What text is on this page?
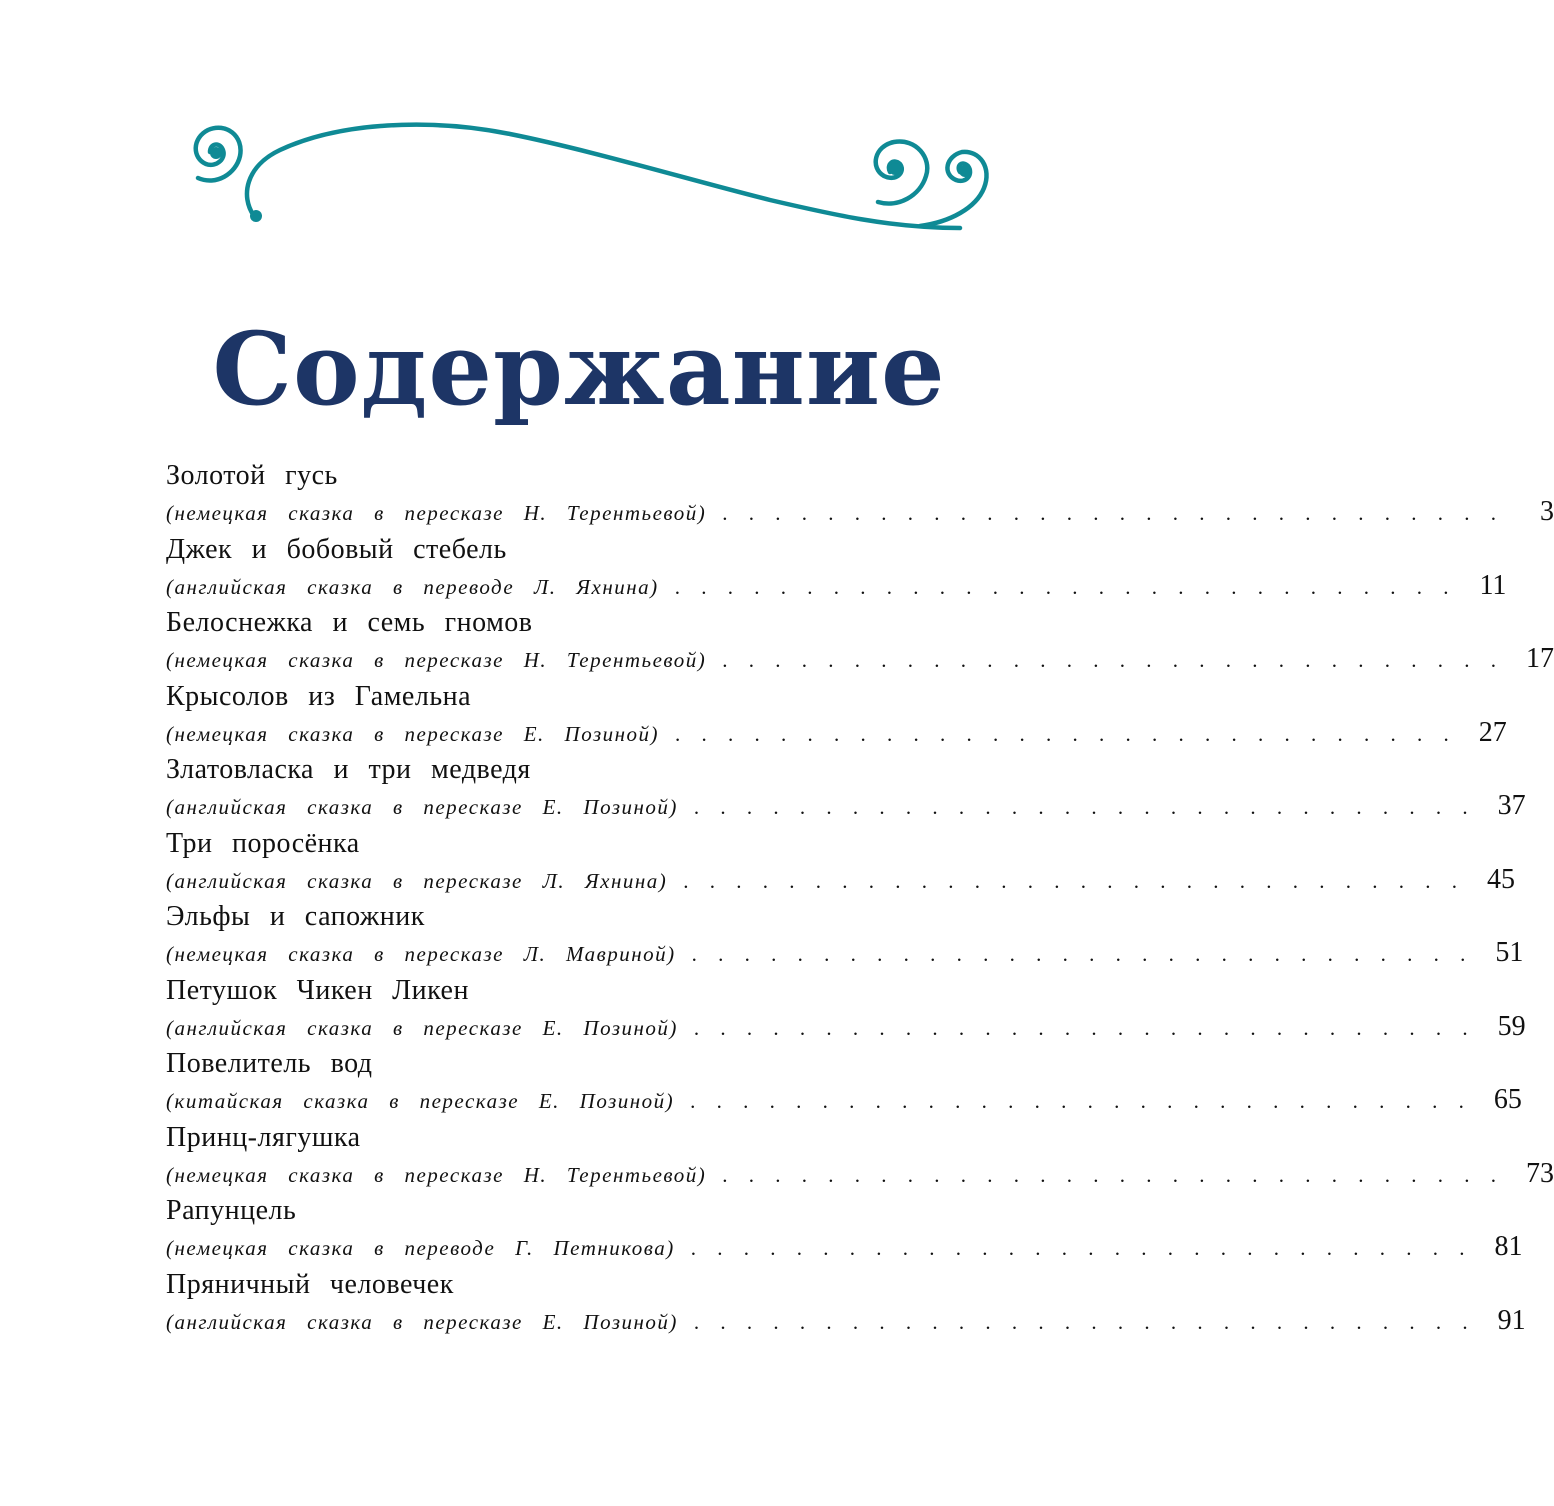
Содержание
Золотой гусь
(немецкая сказка в пересказе Н. Терентьевой) . . . . . . . . . . . . . . . . . . . . . . . . . . . . . .	3
Джек и бобовый стебель
(английская сказка в переводе Л. Яхнина) . . . . . . . . . . . . . . . . . . . . . . . . . . . . . . 11
Белоснежка и семь гномов
(немецкая сказка в пересказе Н. Терентьевой) . . . . . . . . . . . . . . . . . . . . . . . . . . . . . . 17
Крысолов из Гамельна
(немецкая сказка в пересказе Е. Позиной) . . . . . . . . . . . . . . . . . . . . . . . . . . . . . . 27
Златовласка и три медведя
(английская сказка в пересказе Е. Позиной) . . . . . . . . . . . . . . . . . . . . . . . . . . . . . . 37
Три поросёнка
(английская сказка в пересказе Л. Яхнина) . . . . . . . . . . . . . . . . . . . . . . . . . . . . . . 45
Эльфы и сапожник
(немецкая сказка в пересказе Л. Мавриной) . . . . . . . . . . . . . . . . . . . . . . . . . . . . . . 51
Петушок Чикен Ликен
(английская сказка в пересказе Е. Позиной) . . . . . . . . . . . . . . . . . . . . . . . . . . . . . . 59
Повелитель вод
(китайская сказка в пересказе Е. Позиной) . . . . . . . . . . . . . . . . . . . . . . . . . . . . . . 65
Принц-лягушка
(немецкая сказка в пересказе Н. Терентьевой) . . . . . . . . . . . . . . . . . . . . . . . . . . . . . . 73
Рапунцель
(немецкая сказка в переводе Г. Петникова) . . . . . . . . . . . . . . . . . . . . . . . . . . . . . . 81
Пряничный человечек
(английская сказка в пересказе Е. Позиной) . . . . . . . . . . . . . . . . . . . . . . . . . . . . . . 91
